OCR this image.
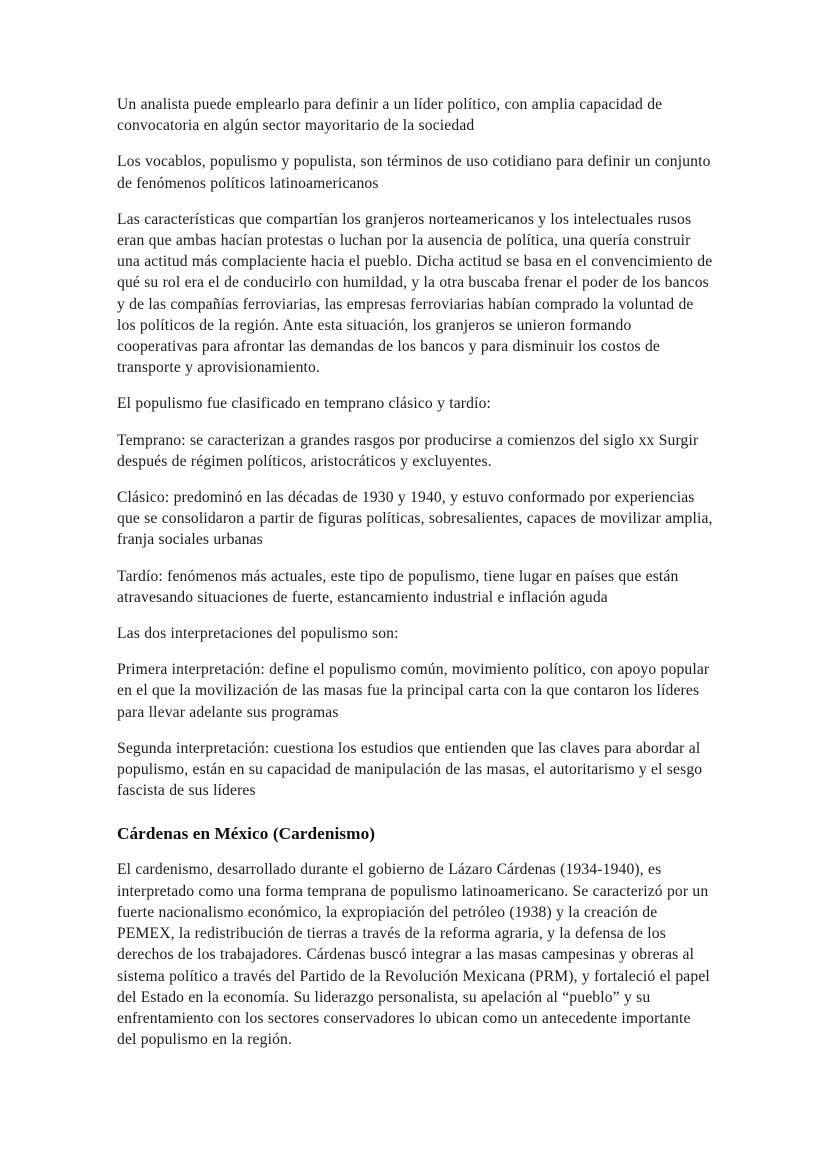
Un analista puede emplearlo para definir a un líder político, con amplia capacidad de convocatoria en algún sector mayoritario de la sociedad

Los vocablos, populismo y populista, son términos de uso cotidiano para definir un conjunto de fenómenos políticos latinoamericanos

Las características que compartían los granjeros norteamericanos y los intelectuales rusos eran que ambas hacían protestas o luchan por la ausencia de política, una quería construir una actitud más complaciente hacia el pueblo. Dicha actitud se basa en el convencimiento de qué su rol era el de conducirlo con humildad, y la otra buscaba frenar el poder de los bancos y de las compañías ferroviarias, las empresas ferroviarias habían comprado la voluntad de los políticos de la región. Ante esta situación, los granjeros se unieron formando cooperativas para afrontar las demandas de los bancos y para disminuir los costos de transporte y aprovisionamiento.

El populismo fue clasificado en temprano clásico y tardío:

Temprano: se caracterizan a grandes rasgos por producirse a comienzos del siglo xx Surgir después de régimen políticos, aristocráticos y excluyentes.

Clásico: predominó en las décadas de 1930 y 1940, y estuvo conformado por experiencias que se consolidaron a partir de figuras políticas, sobresalientes, capaces de movilizar amplia, franja sociales urbanas

Tardío: fenómenos más actuales, este tipo de populismo, tiene lugar en países que están atravesando situaciones de fuerte, estancamiento industrial e inflación aguda

Las dos interpretaciones del populismo son:

Primera interpretación: define el populismo común, movimiento político, con apoyo popular en el que la movilización de las masas fue la principal carta con la que contaron los líderes para llevar adelante sus programas

Segunda interpretación: cuestiona los estudios que entienden que las claves para abordar al populismo, están en su capacidad de manipulación de las masas, el autoritarismo y el sesgo fascista de sus líderes

Cárdenas en México (Cardenismo)

El cardenismo, desarrollado durante el gobierno de Lázaro Cárdenas (1934-1940), es interpretado como una forma temprana de populismo latinoamericano. Se caracterizó por un fuerte nacionalismo económico, la expropiación del petróleo (1938) y la creación de PEMEX, la redistribución de tierras a través de la reforma agraria, y la defensa de los derechos de los trabajadores. Cárdenas buscó integrar a las masas campesinas y obreras al sistema político a través del Partido de la Revolución Mexicana (PRM), y fortaleció el papel del Estado en la economía. Su liderazgo personalista, su apelación al “pueblo” y su enfrentamiento con los sectores conservadores lo ubican como un antecedente importante del populismo en la región.
